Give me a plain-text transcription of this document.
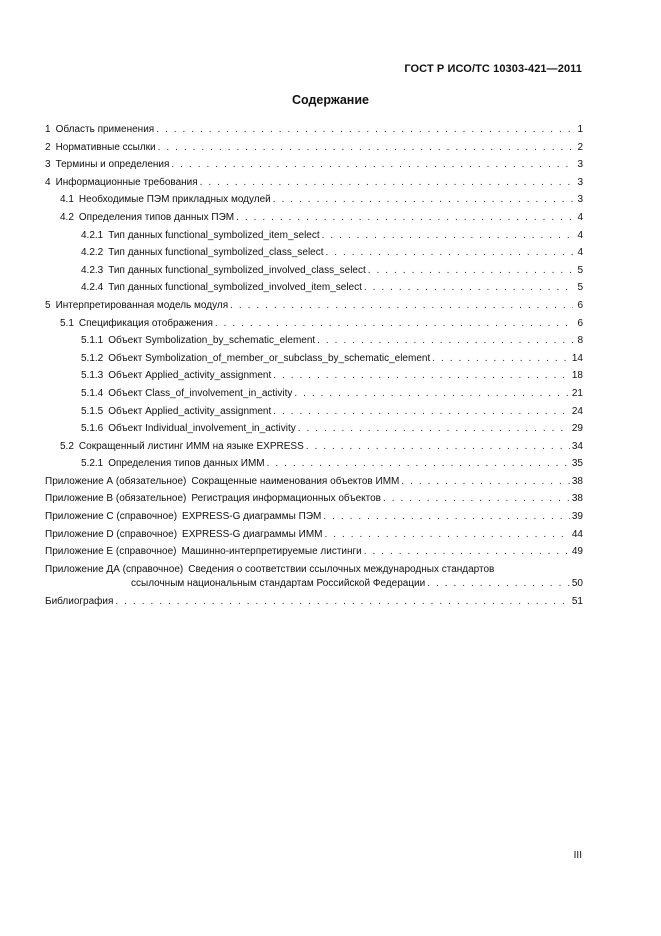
ГОСТ Р ИСО/ТС 10303-421—2011
Содержание
1 Область применения . . .	1
2 Нормативные ссылки . . .	2
3 Термины и определения . . .	3
4 Информационные требования . . .	3
4.1 Необходимые ПЭМ прикладных модулей . . .	3
4.2 Определения типов данных ПЭМ . . .	4
4.2.1 Тип данных functional_symbolized_item_select . . .	4
4.2.2 Тип данных functional_symbolized_class_select . . .	4
4.2.3 Тип данных functional_symbolized_involved_class_select . . .	5
4.2.4 Тип данных functional_symbolized_involved_item_select . . .	5
5 Интерпретированная модель модуля . . .	6
5.1 Спецификация отображения . . .	6
5.1.1 Объект Symbolization_by_schematic_element . . .	8
5.1.2 Объект Symbolization_of_member_or_subclass_by_schematic_element . . .	14
5.1.3 Объект Applied_activity_assignment . . .	18
5.1.4 Объект Class_of_involvement_in_activity . . .	21
5.1.5 Объект Applied_activity_assignment . . .	24
5.1.6 Объект Individual_involvement_in_activity . . .	29
5.2 Сокращенный листинг ИММ на языке EXPRESS . . .	34
5.2.1 Определения типов данных ИММ . . .	35
Приложение А (обязательное) Сокращенные наименования объектов ИММ . . .	38
Приложение В (обязательное) Регистрация информационных объектов . . .	38
Приложение С (справочное) EXPRESS-G диаграммы ПЭМ . . .	39
Приложение D (справочное) EXPRESS-G диаграммы ИММ . . .	44
Приложение Е (справочное) Машинно-интерпретируемые листинги . . .	49
Приложение ДА (справочное) Сведения о соответствии ссылочных международных стандартов
ссылочным национальным стандартам Российской Федерации . . .	50
Библиография . . .	51
III
